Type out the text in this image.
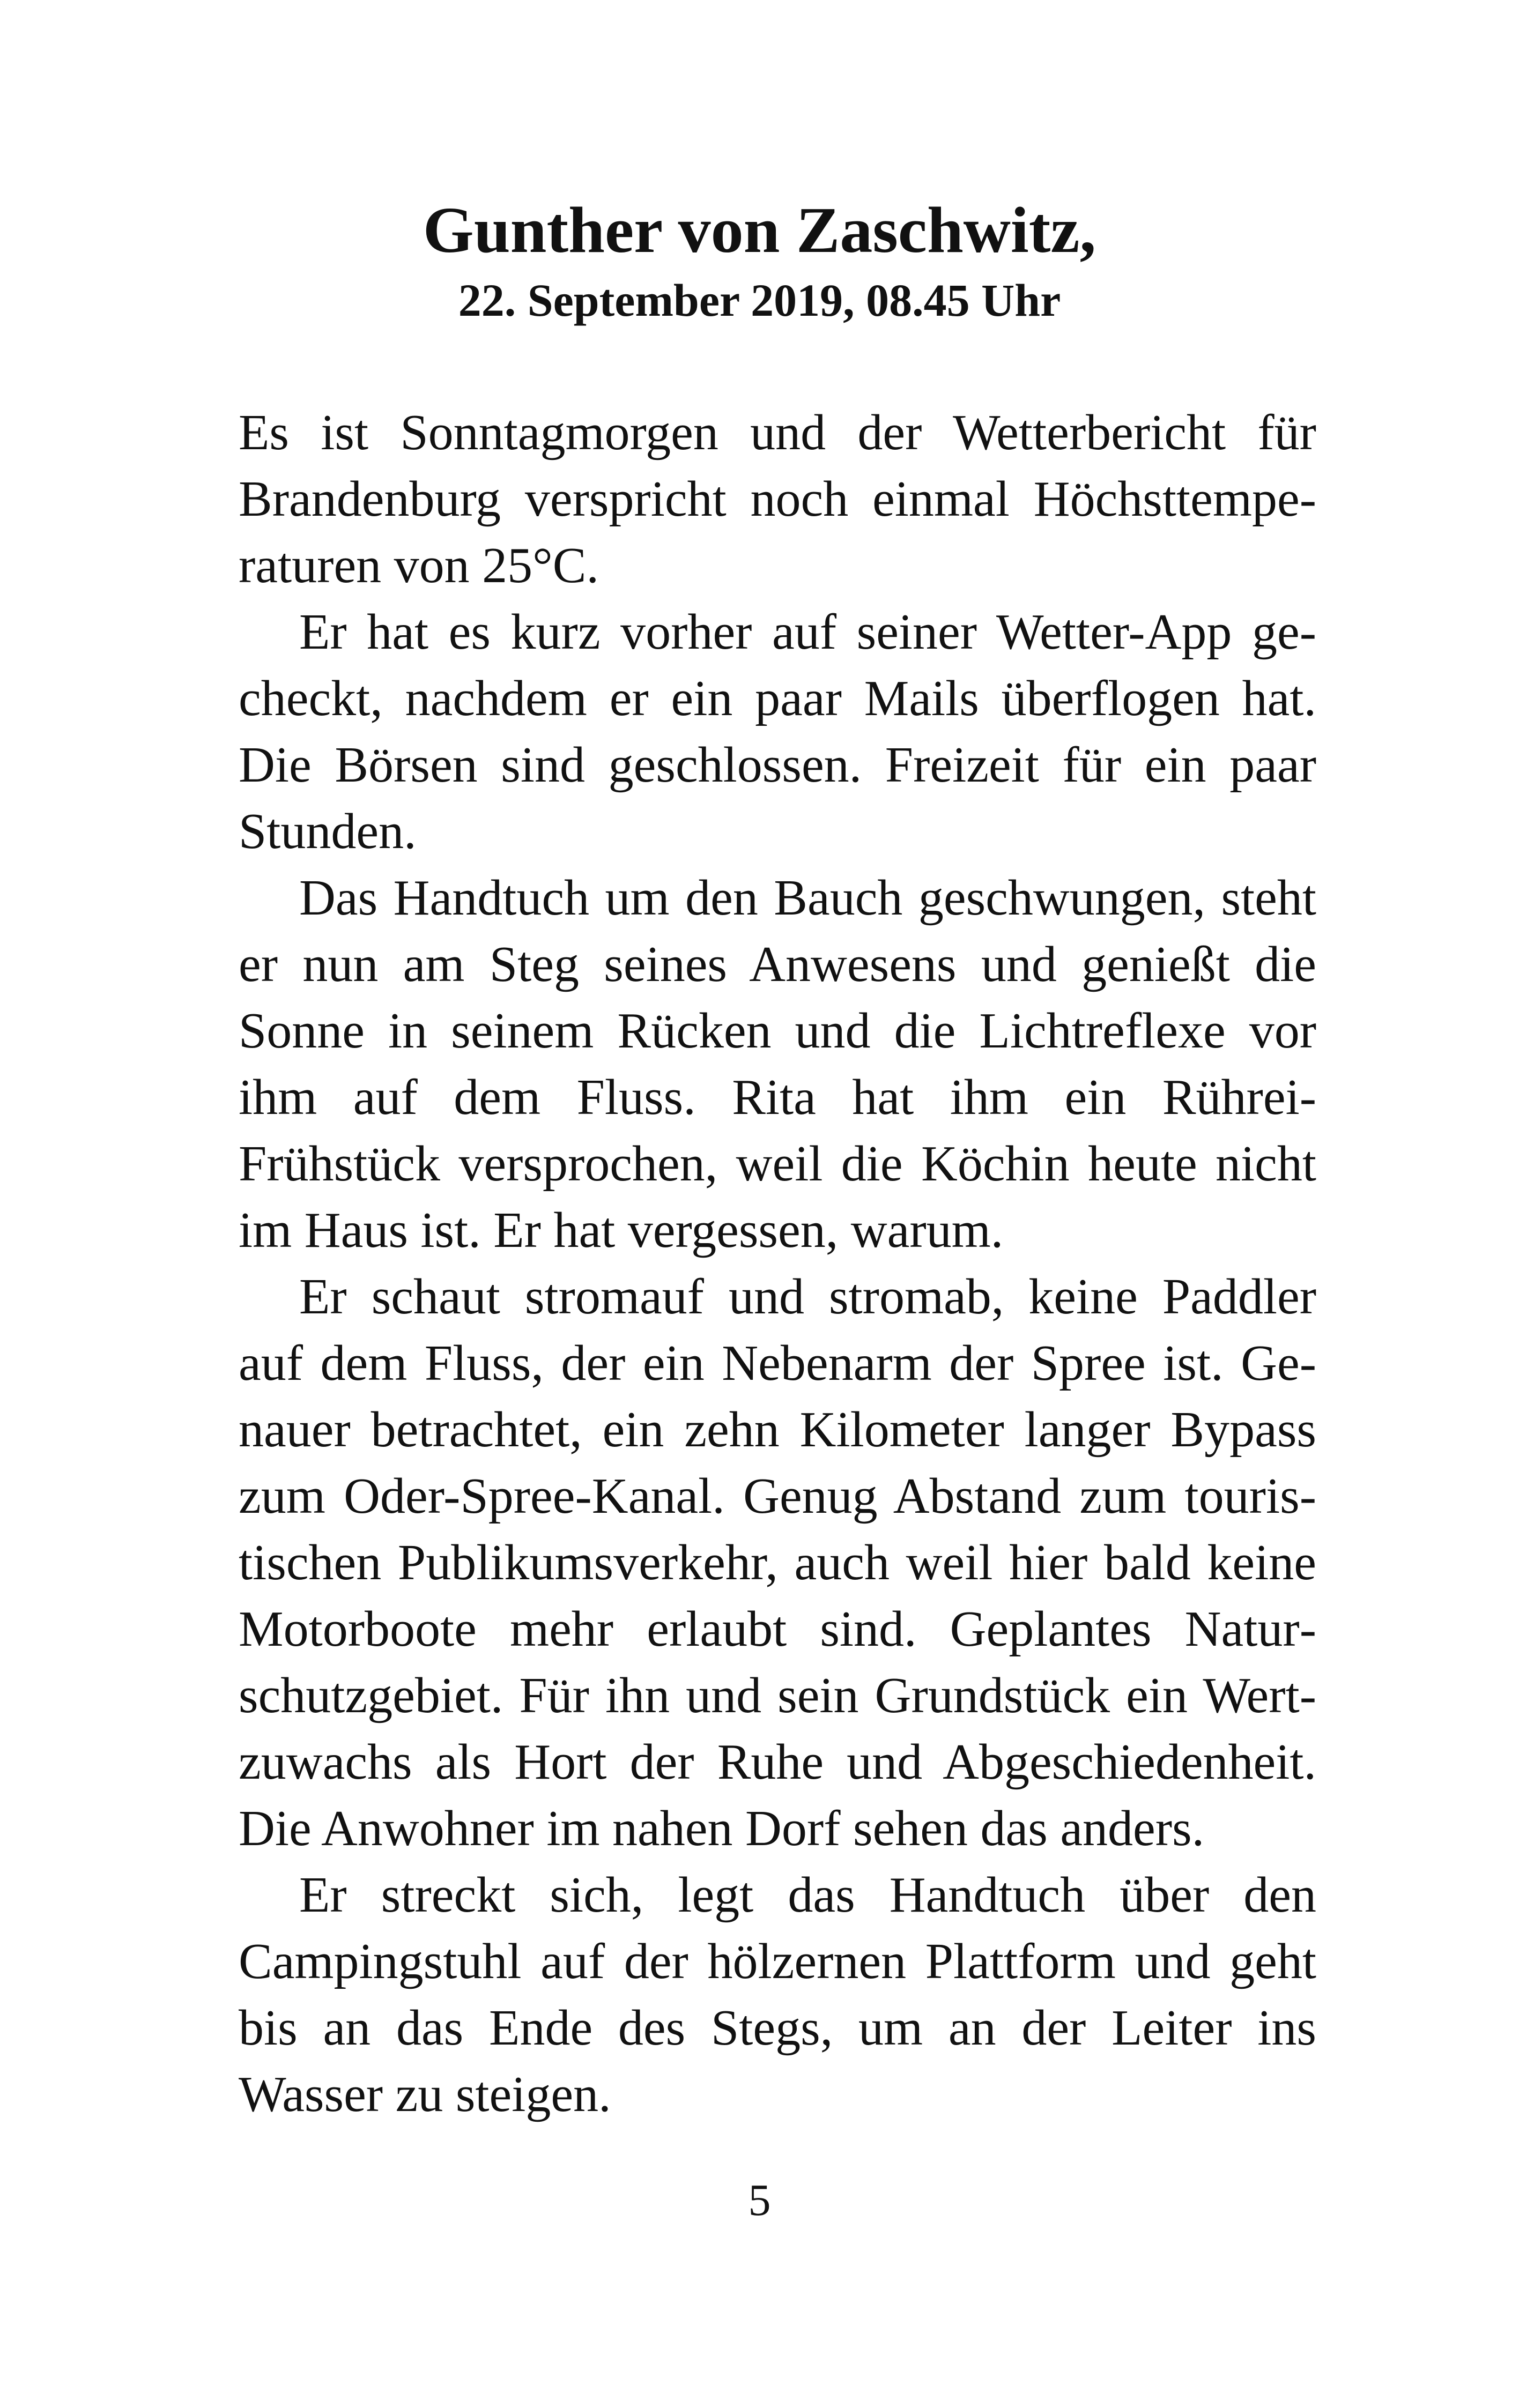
Gunther von Zaschwitz,
22. September 2019, 08.45 Uhr

Es ist Sonntagmorgen und der Wetterbericht für Brandenburg verspricht noch einmal Höchsttemperaturen von 25°C.

Er hat es kurz vorher auf seiner Wetter-App gecheckt, nachdem er ein paar Mails überflogen hat. Die Börsen sind geschlossen. Freizeit für ein paar Stunden.

Das Handtuch um den Bauch geschwungen, steht er nun am Steg seines Anwesens und genießt die Sonne in seinem Rücken und die Lichtreflexe vor ihm auf dem Fluss. Rita hat ihm ein Rührei-Frühstück versprochen, weil die Köchin heute nicht im Haus ist. Er hat vergessen, warum.

Er schaut stromauf und stromab, keine Paddler auf dem Fluss, der ein Nebenarm der Spree ist. Genauer betrachtet, ein zehn Kilometer langer Bypass zum Oder-Spree-Kanal. Genug Abstand zum touristischen Publikumsverkehr, auch weil hier bald keine Motorboote mehr erlaubt sind. Geplantes Naturschutzgebiet. Für ihn und sein Grundstück ein Wertzuwachs als Hort der Ruhe und Abgeschiedenheit. Die Anwohner im nahen Dorf sehen das anders.

Er streckt sich, legt das Handtuch über den Campingstuhl auf der hölzernen Plattform und geht bis an das Ende des Stegs, um an der Leiter ins Wasser zu steigen.

5
